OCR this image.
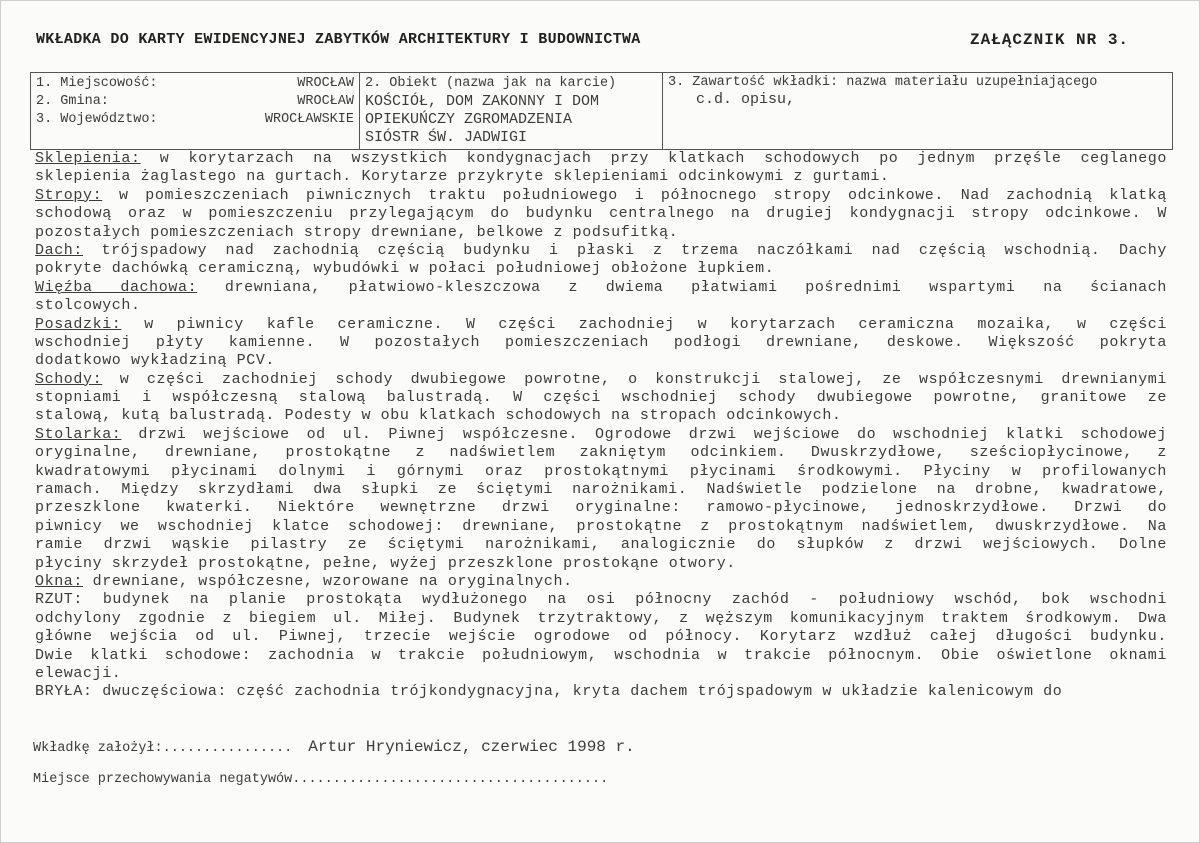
WKŁADKA DO KARTY EWIDENCYJNEJ ZABYTKÓW ARCHITEKTURY I BUDOWNICTWA	ZAŁĄCZNIK NR 3.
1. Miejscowość:	WROCŁAW
2. Gmina:	WROCŁAW
3. Województwo:	WROCŁAWSKIE

2. Obiekt (nazwa jak na karcie)
KOŚCIÓŁ, DOM ZAKONNY I DOM
OPIEKUŃCZY ZGROMADZENIA
SIÓSTR ŚW. JADWIGI

3. Zawartość wkładki: nazwa materiału uzupełniającego
c.d. opisu,
Sklepienia: w korytarzach na wszystkich kondygnacjach przy klatkach schodowych po jednym przęśle ceglanego
sklepienia żaglastego na gurtach. Korytarze przykryte sklepieniami odcinkowymi z gurtami.
Stropy: w pomieszczeniach piwnicznych traktu południowego i północnego stropy odcinkowe. Nad zachodnią klatką
schodową oraz w pomieszczeniu przylegającym do budynku centralnego na drugiej kondygnacji stropy odcinkowe. W
pozostałych pomieszczeniach stropy drewniane, belkowe z podsufitką.
Dach: trójspadowy nad zachodnią częścią budynku i płaski z trzema naczółkami nad częścią wschodnią. Dachy
pokryte dachówką ceramiczną, wybudówki w połaci południowej obłożone łupkiem.
Więźba dachowa: drewniana, płatwiowo-kleszczowa z dwiema płatwiami pośrednimi wspartymi na ścianach
stolcowych.
Posadzki: w piwnicy kafle ceramiczne. W części zachodniej w korytarzach ceramiczna mozaika, w części
wschodniej płyty kamienne. W pozostałych pomieszczeniach podłogi drewniane, deskowe. Większość pokryta
dodatkowo wykładziną PCV.
Schody: w części zachodniej schody dwubiegowe powrotne, o konstrukcji stalowej, ze współczesnymi drewnianymi
stopniami i współczesną stalową balustradą. W części wschodniej schody dwubiegowe powrotne, granitowe ze
stalową, kutą balustradą. Podesty w obu klatkach schodowych na stropach odcinkowych.
Stolarka: drzwi wejściowe od ul. Piwnej współczesne. Ogrodowe drzwi wejściowe do wschodniej klatki schodowej
oryginalne, drewniane, prostokątne z nadświetlem zakniętym odcinkiem. Dwuskrzydłowe, sześciopłycinowe, z
kwadratowymi płycinami dolnymi i górnymi oraz prostokątnymi płycinami środkowymi. Płyciny w profilowanych
ramach. Między skrzydłami dwa słupki ze ściętymi narożnikami. Nadświetle podzielone na drobne, kwadratowe,
przeszklone kwaterki. Niektóre wewnętrzne drzwi oryginalne: ramowo-płycinowe, jednoskrzydłowe. Drzwi do
piwnicy we wschodniej klatce schodowej: drewniane, prostokątne z prostokątnym nadświetlem, dwuskrzydłowe. Na
ramie drzwi wąskie pilastry ze ściętymi narożnikami, analogicznie do słupków z drzwi wejściowych. Dolne
płyciny skrzydeł prostokątne, pełne, wyżej przeszklone prostokąne otwory.
Okna: drewniane, współczesne, wzorowane na oryginalnych.
RZUT: budynek na planie prostokąta wydłużonego na osi północny zachód - południowy wschód, bok wschodni
odchylony zgodnie z biegiem ul. Miłej. Budynek trzytraktowy, z węższym komunikacyjnym traktem środkowym. Dwa
główne wejścia od ul. Piwnej, trzecie wejście ogrodowe od północy. Korytarz wzdłuż całej długości budynku.
Dwie klatki schodowe: zachodnia w trakcie południowym, wschodnia w trakcie północnym. Obie oświetlone oknami
elewacji.
BRYŁA: dwuczęściowa: część zachodnia trójkondygnacyjna, kryta dachem trójspadowym w układzie kalenicowym do
Wkładkę założył:................ Artur Hryniewicz, czerwiec 1998 r.
Miejsce przechowywania negatywów.......................................
